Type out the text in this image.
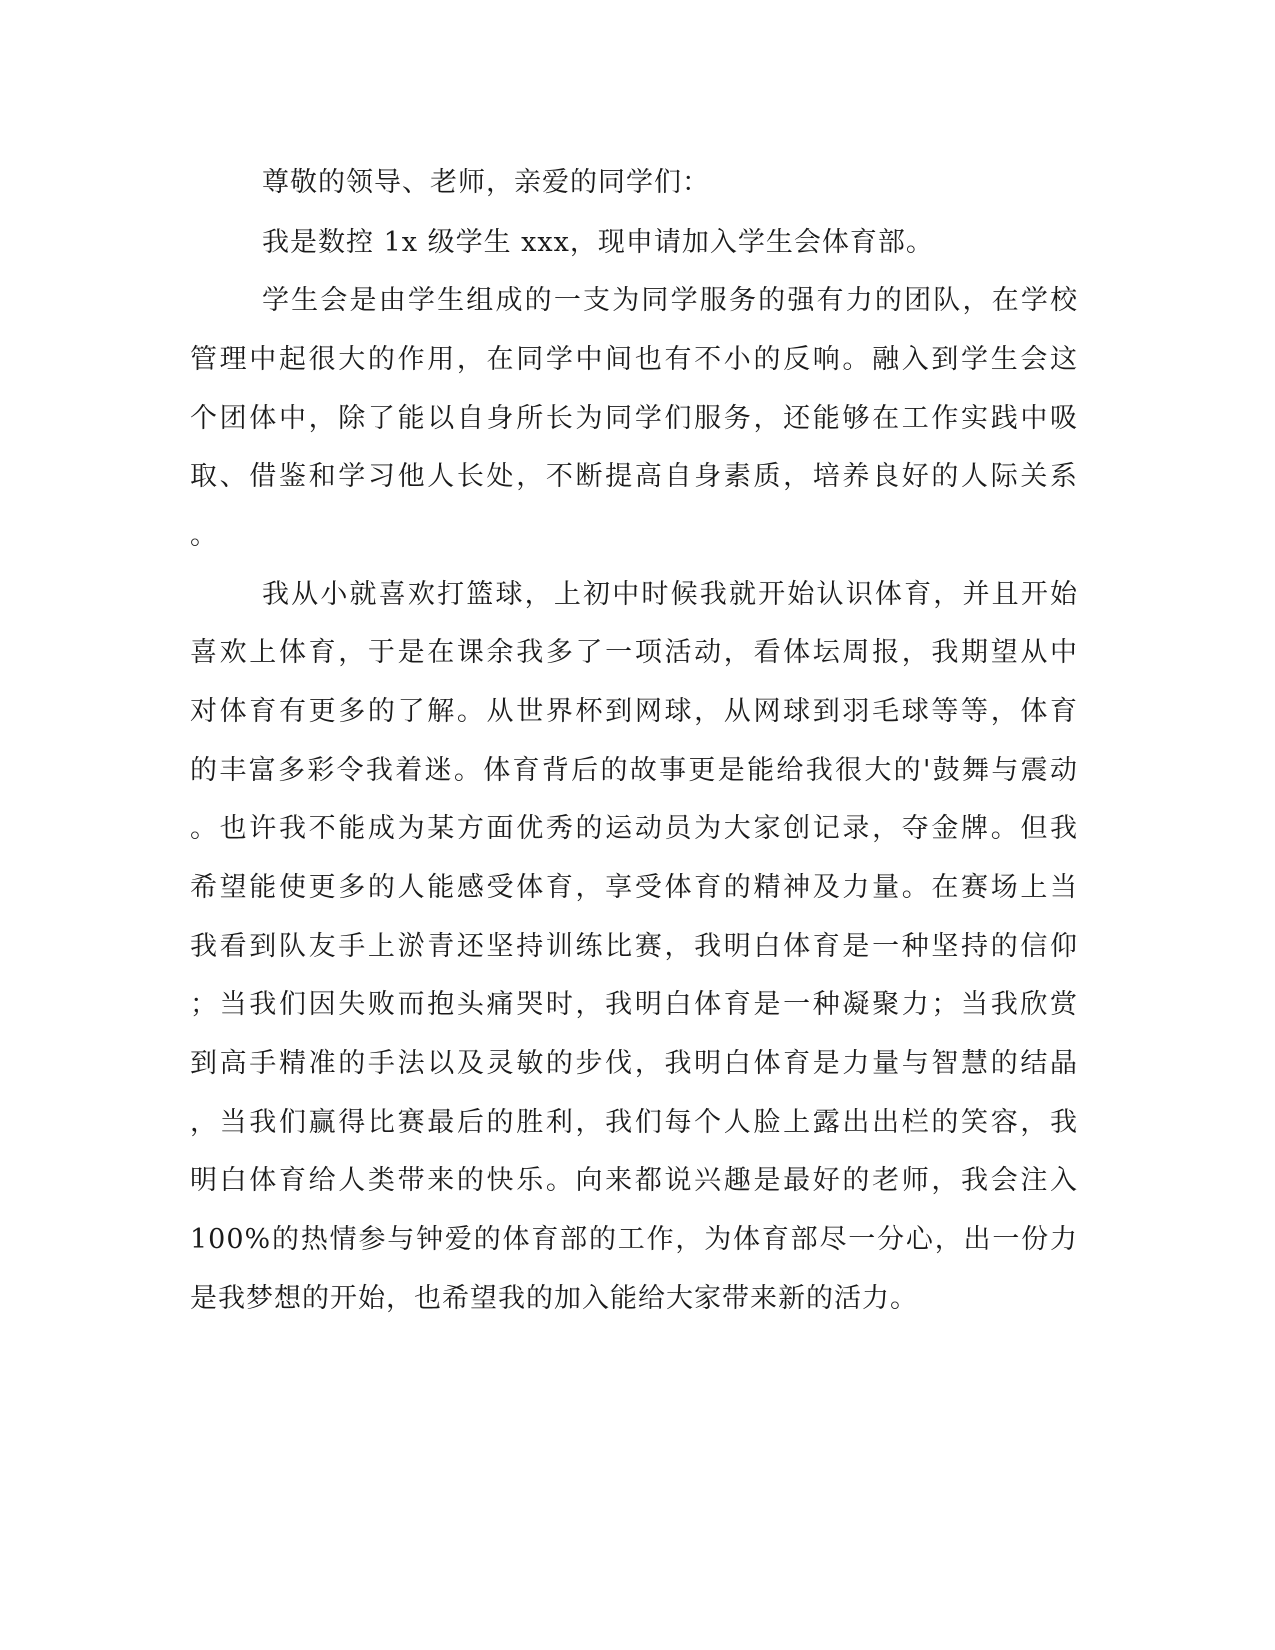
尊敬的领导、老师，亲爱的同学们：
我是数控 1x 级学生 xxx，现申请加入学生会体育部。
学生会是由学生组成的一支为同学服务的强有力的团队，在学校
管理中起很大的作用，在同学中间也有不小的反响。融入到学生会这
个团体中，除了能以自身所长为同学们服务，还能够在工作实践中吸
取、借鉴和学习他人长处，不断提高自身素质，培养良好的人际关系
。
我从小就喜欢打篮球，上初中时候我就开始认识体育，并且开始
喜欢上体育，于是在课余我多了一项活动，看体坛周报，我期望从中
对体育有更多的了解。从世界杯到网球，从网球到羽毛球等等，体育
的丰富多彩令我着迷。体育背后的故事更是能给我很大的'鼓舞与震动
。也许我不能成为某方面优秀的运动员为大家创记录，夺金牌。但我
希望能使更多的人能感受体育，享受体育的精神及力量。在赛场上当
我看到队友手上淤青还坚持训练比赛，我明白体育是一种坚持的信仰
；当我们因失败而抱头痛哭时，我明白体育是一种凝聚力；当我欣赏
到高手精准的手法以及灵敏的步伐，我明白体育是力量与智慧的结晶
，当我们赢得比赛最后的胜利，我们每个人脸上露出出栏的笑容，我
明白体育给人类带来的快乐。向来都说兴趣是最好的老师，我会注入
100%的热情参与钟爱的体育部的工作，为体育部尽一分心，出一份力
是我梦想的开始，也希望我的加入能给大家带来新的活力。
